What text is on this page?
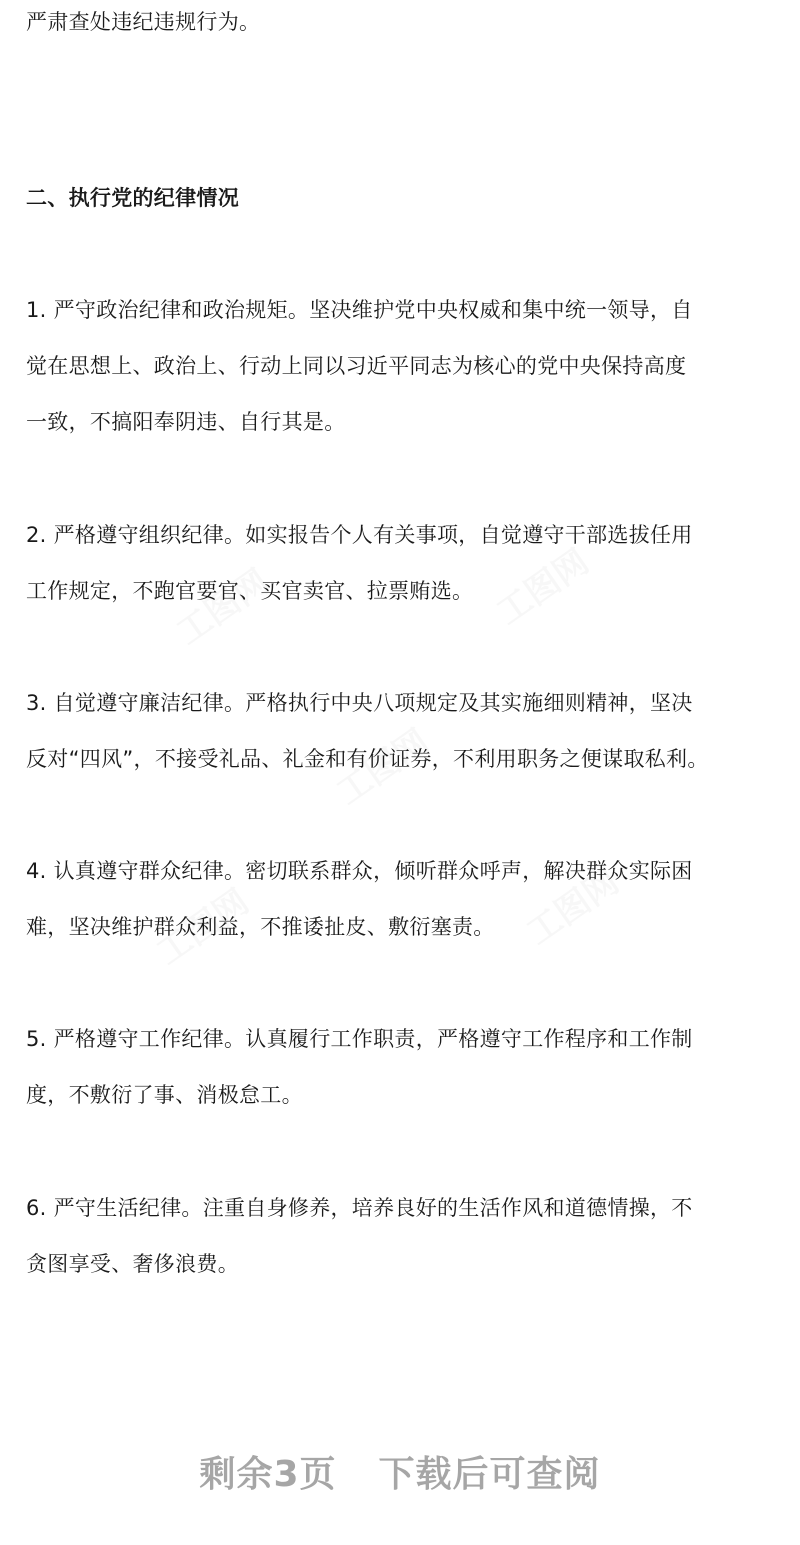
工图网	工图网
工图网
工图网	工图网
严肃查处违纪违规行为。
二、执行党的纪律情况
1. 严守政治纪律和政治规矩。坚决维护党中央权威和集中统一领导，自
觉在思想上、政治上、行动上同以习近平同志为核心的党中央保持高度
一致，不搞阳奉阴违、自行其是。
2. 严格遵守组织纪律。如实报告个人有关事项，自觉遵守干部选拔任用
工作规定，不跑官要官、买官卖官、拉票贿选。
3. 自觉遵守廉洁纪律。严格执行中央八项规定及其实施细则精神，坚决
反对“四风”，不接受礼品、礼金和有价证券，不利用职务之便谋取私利。
4. 认真遵守群众纪律。密切联系群众，倾听群众呼声，解决群众实际困
难，坚决维护群众利益，不推诿扯皮、敷衍塞责。
5. 严格遵守工作纪律。认真履行工作职责，严格遵守工作程序和工作制
度，不敷衍了事、消极怠工。
6. 严守生活纪律。注重自身修养，培养良好的生活作风和道德情操，不
贪图享受、奢侈浪费。
剩余3页 下载后可查阅
